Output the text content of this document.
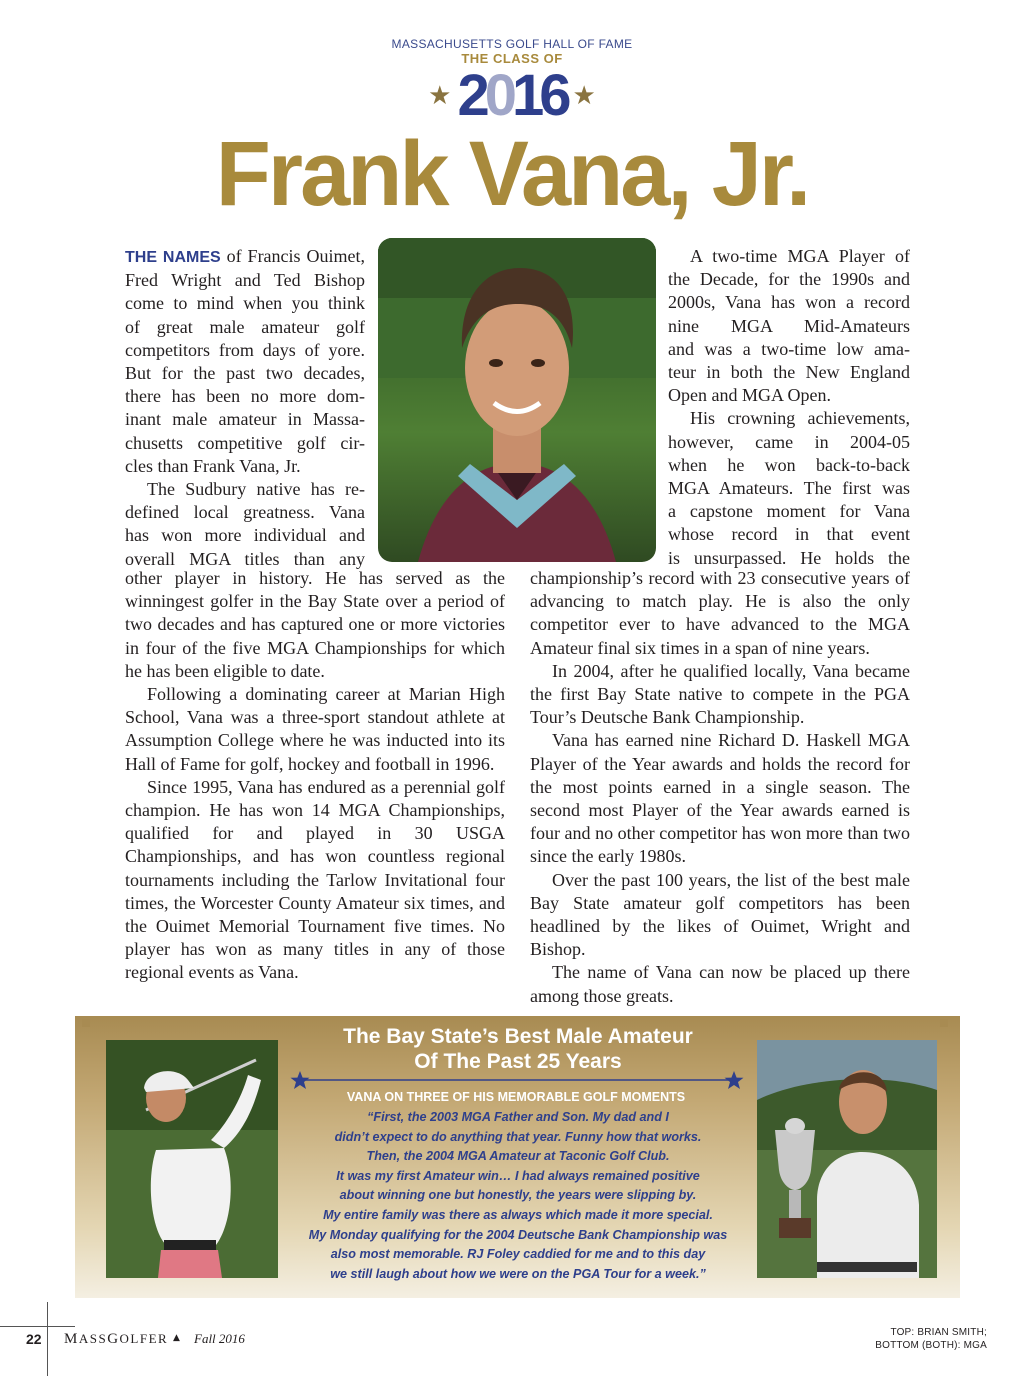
MASSACHUSETTS GOLF HALL OF FAME
THE CLASS OF
★ 2016 ★
Frank Vana, Jr.
THE NAMES of Francis Ouimet,
Fred Wright and Ted Bishop
come to mind when you think
of great male amateur golf
competitors from days of yore.
But for the past two decades,
there has been no more dom-
inant male amateur in Massa-
chusetts competitive golf cir-
cles than Frank Vana, Jr.
The Sudbury native has re-
defined local greatness. Vana
has won more individual and
overall MGA titles than any

other player in history. He has served as the winningest golfer in the Bay State over a period of two decades and has captured one or more victories in four of the five MGA Championships for which he has been eligible to date.

Following a dominating career at Marian High School, Vana was a three-sport standout athlete at Assumption College where he was inducted into its Hall of Fame for golf, hockey and football in 1996.

Since 1995, Vana has endured as a perennial golf champion. He has won 14 MGA Championships, qualified for and played in 30 USGA Championships, and has won countless regional tournaments including the Tarlow Invitational four times, the Worcester County Amateur six times, and the Ouimet Memorial Tournament five times. No player has won as many titles in any of those regional events as Vana.

A two-time MGA Player of
the Decade, for the 1990s and
2000s, Vana has won a record
nine MGA Mid-Amateurs
and was a two-time low ama-
teur in both the New England
Open and MGA Open.
His crowning achievements,
however, came in 2004-05
when he won back-to-back
MGA Amateurs. The first was
a capstone moment for Vana
whose record in that event
is unsurpassed. He holds the

championship’s record with 23 consecutive years of advancing to match play. He is also the only competitor ever to have advanced to the MGA Amateur final six times in a span of nine years.

In 2004, after he qualified locally, Vana became the first Bay State native to compete in the PGA Tour’s Deutsche Bank Championship.

Vana has earned nine Richard D. Haskell MGA Player of the Year awards and holds the record for the most points earned in a single season. The second most Player of the Year awards earned is four and no other competitor has won more than two since the early 1980s.

Over the past 100 years, the list of the best male Bay State amateur golf competitors has been headlined by the likes of Ouimet, Wright and Bishop.

The name of Vana can now be placed up there among those greats.

The Bay State’s Best Male Amateur
Of The Past 25 Years
VANA ON THREE OF HIS MEMORABLE GOLF MOMENTS
“First, the 2003 MGA Father and Son. My dad and I
didn’t expect to do anything that year. Funny how that works.
Then, the 2004 MGA Amateur at Taconic Golf Club.
It was my first Amateur win… I had always remained positive
about winning one but honestly, the years were slipping by.
My entire family was there as always which made it more special.
My Monday qualifying for the 2004 Deutsche Bank Championship was
also most memorable. RJ Foley caddied for me and to this day
we still laugh about how we were on the PGA Tour for a week.”
22 MASSGOLFER ▲ Fall 2016	TOP: BRIAN SMITH;
BOTTOM (BOTH): MGA
